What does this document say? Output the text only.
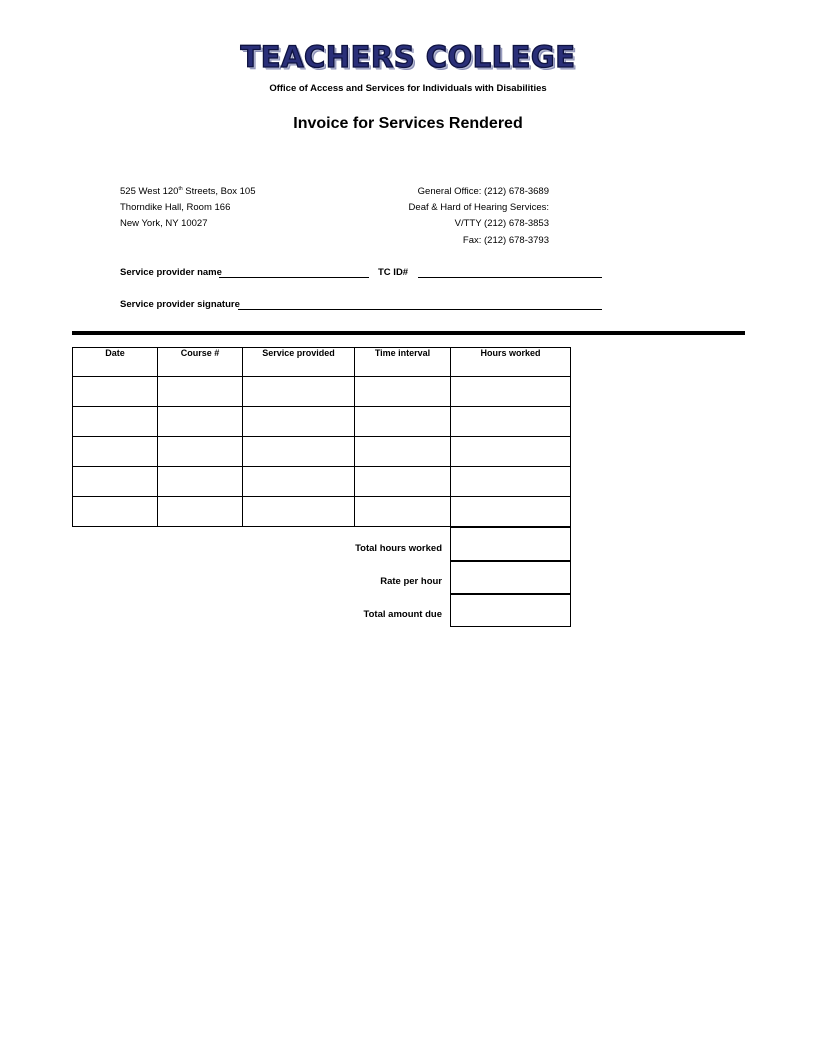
TEACHERS COLLEGE
Office of Access and Services for Individuals with Disabilities
Invoice for Services Rendered
525 West 120th Streets, Box 105
Thorndike Hall, Room 166
New York, NY 10027
General Office: (212) 678-3689
Deaf & Hard of Hearing Services:
V/TTY (212) 678-3853
Fax: (212) 678-3793
Service provider name	TC ID#
Service provider signature
Date	Course #	Service provided	Time interval	Hours worked

Total hours worked
Rate per hour
Total amount due
